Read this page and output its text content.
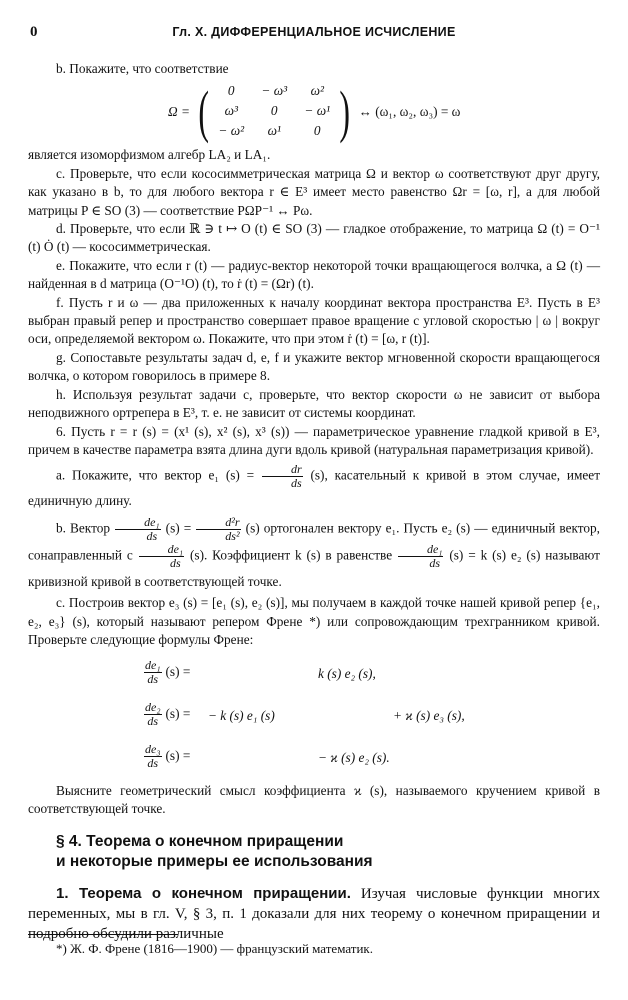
0	Гл. X. ДИФФЕРЕНЦИАЛЬНОЕ ИСЧИСЛЕНИЕ

b. Покажите, что соответствие

Ω = (	0	− ω³	ω²
ω³	0	− ω¹
− ω²	ω¹	0 ) ↔ (ω₁, ω₂, ω₃) = ω

является изоморфизмом алгебр LA₂ и LA₁.

c. Проверьте, что если кососимметрическая матрица Ω и вектор ω соответствуют друг другу, как указано в b, то для любого вектора r ∈ E³ имеет место равенство Ωr = [ω, r], а для любой матрицы P ∈ SO (3) — соответствие PΩP⁻¹ ↔ Pω.

d. Проверьте, что если ℝ ∋ t ↦ O (t) ∈ SO (3) — гладкое отображение, то матрица Ω (t) = O⁻¹ (t) Ȯ (t) — кососимметрическая.

e. Покажите, что если r (t) — радиус-вектор некоторой точки вращающегося волчка, а Ω (t) — найденная в d матрица (O⁻¹O) (t), то ṙ (t) = (Ωr) (t).

f. Пусть r и ω — два приложенных к началу координат вектора пространства E³. Пусть в E³ выбран правый репер и пространство совершает правое вращение с угловой скоростью | ω | вокруг оси, определяемой вектором ω. Покажите, что при этом ṙ (t) = [ω, r (t)].

g. Сопоставьте результаты задач d, e, f и укажите вектор мгновенной скорости вращающегося волчка, о котором говорилось в примере 8.

h. Используя результат задачи c, проверьте, что вектор скорости ω не зависит от выбора неподвижного ортрепера в E³, т. е. не зависит от системы координат.

6. Пусть r = r (s) = (x¹ (s), x² (s), x³ (s)) — параметрическое уравнение гладкой кривой в E³, причем в качестве параметра взята длина дуги вдоль кривой (натуральная параметризация кривой).

a. Покажите, что вектор e₁ $(s) = \frac{dr}{ds} (s)$, касательный к кривой в этом случае, имеет единичную длину.

b. Вектор $\frac{\text{de₁}}{ds} (s) = \frac{\text{d²r}}{\text{ds²}} (s)$ ортогонален вектору e₁. Пусть e₂ (s) — единичный вектор, сонаправленный с $\frac{\text{de₁}}{ds} (s)$. Коэффициент k (s) в равенстве $\frac{\text{de₁}}{ds} (s) = k$ (s) e₂ (s) называют кривизной кривой в соответствующей точке.

c. Построив вектор e₃ (s) = [e₁ (s), e₂ (s)], мы получаем в каждой точке нашей кривой репер {e₁, e₂, e₃} (s), который называют репером Френе *) или сопровождающим трехгранником кривой. Проверьте следующие формулы Френе:

$\frac{\text{de₁}}{ds} (s)$ =	k (s) e₂ (s),
$\frac{\text{de₂}}{ds} (s)$ = − k (s) e₁ (s)	+ ϰ (s) e₃ (s),
$\frac{\text{de₃}}{ds} (s)$ =	− ϰ (s) e₂ (s).

Выясните геометрический смысл коэффициента ϰ (s), называемого кручением кривой в соответствующей точке.

§ 4. Теорема о конечном приращении
и некоторые примеры ее использования

1. Теорема о конечном приращении. Изучая числовые функции многих переменных, мы в гл. V, § 3, п. 1 доказали для них теорему о конечном приращении и подробно обсудили различные

*) Ж. Ф. Френе (1816—1900) — французский математик.
